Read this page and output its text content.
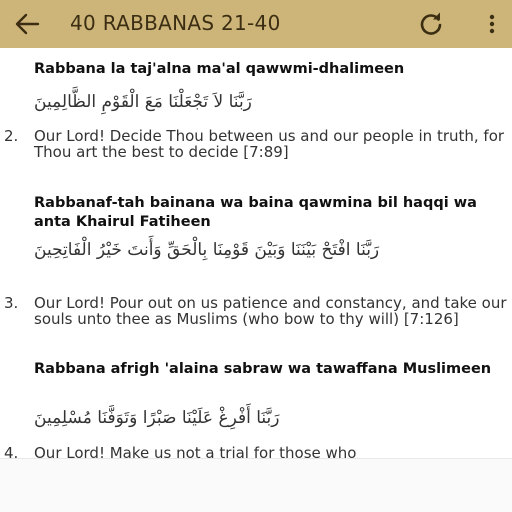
40 RABBANAS 21-40
Rabbana la taj'alna ma'al qawwmi-dhalimeen
رَبَّنَا لاَ تَجْعَلْنَا مَعَ الْقَوْمِ الظَّالِمِينَ
2.	Our Lord! Decide Thou between us and our people in truth, for Thou art the best to decide [7:89]
Rabbanaf-tah bainana wa baina qawmina bil haqqi wa anta Khairul Fatiheen
رَبَّنَا افْتَحْ بَيْنَنَا وَبَيْنَ قَوْمِنَا بِالْحَقِّ وَأَنتَ خَيْرُ الْفَاتِحِينَ
3.	Our Lord! Pour out on us patience and constancy, and take our souls unto thee as Muslims (who bow to thy will) [7:126]
Rabbana afrigh 'alaina sabraw wa tawaffana Muslimeen
رَبَّنَا أَفْرِغْ عَلَيْنَا صَبْرًا وَتَوَفَّنَا مُسْلِمِينَ
4.	Our Lord! Make us not a trial for those who
